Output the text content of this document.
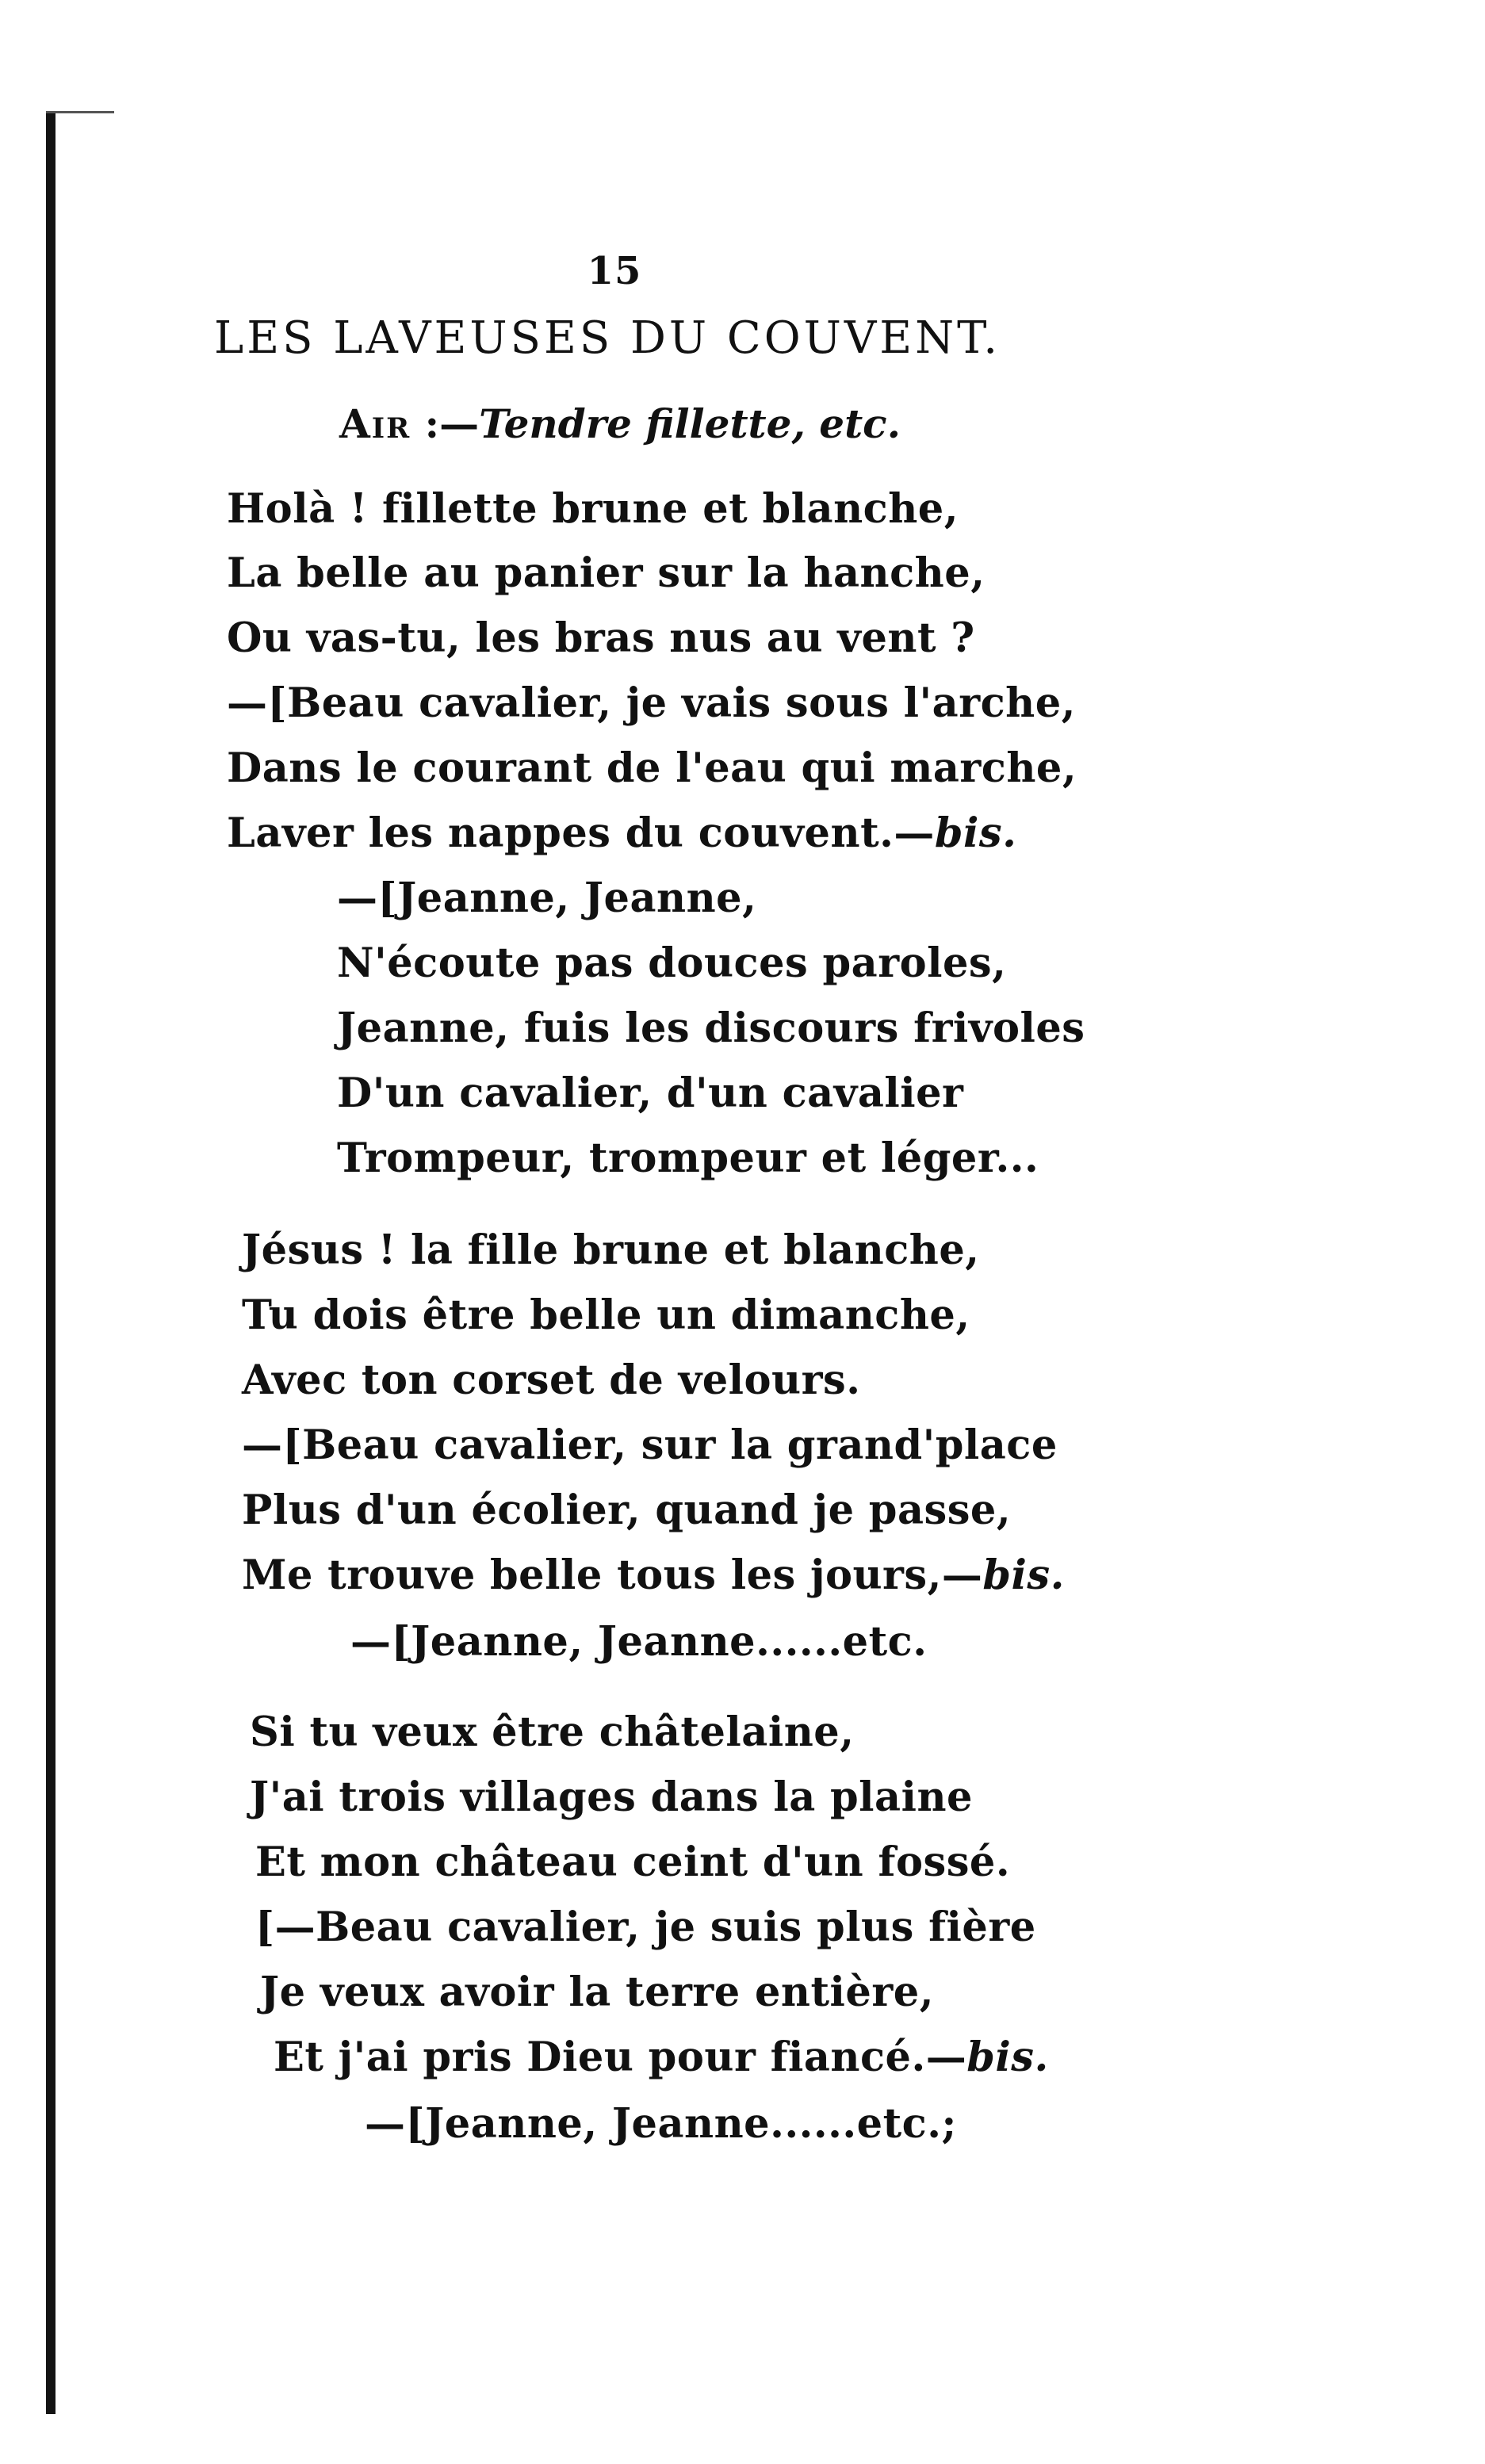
15
LES LAVEUSES DU COUVENT.
Air :—Tendre fillette, etc.
Holà ! fillette brune et blanche,
La belle au panier sur la hanche,
Ou vas-tu, les bras nus au vent ?
—[Beau cavalier, je vais sous l'arche,
Dans le courant de l'eau qui marche,
Laver les nappes du couvent.—bis.
—[Jeanne, Jeanne,
N'écoute pas douces paroles,
Jeanne, fuis les discours frivoles
D'un cavalier, d'un cavalier
Trompeur, trompeur et léger...
Jésus ! la fille brune et blanche,
Tu dois être belle un dimanche,
Avec ton corset de velours.
—[Beau cavalier, sur la grand'place
Plus d'un écolier, quand je passe,
Me trouve belle tous les jours,—bis.
—[Jeanne, Jeanne......etc.
Si tu veux être châtelaine,
J'ai trois villages dans la plaine
Et mon château ceint d'un fossé.
[—Beau cavalier, je suis plus fière
Je veux avoir la terre entière,
Et j'ai pris Dieu pour fiancé.—bis.
—[Jeanne, Jeanne......etc.;
